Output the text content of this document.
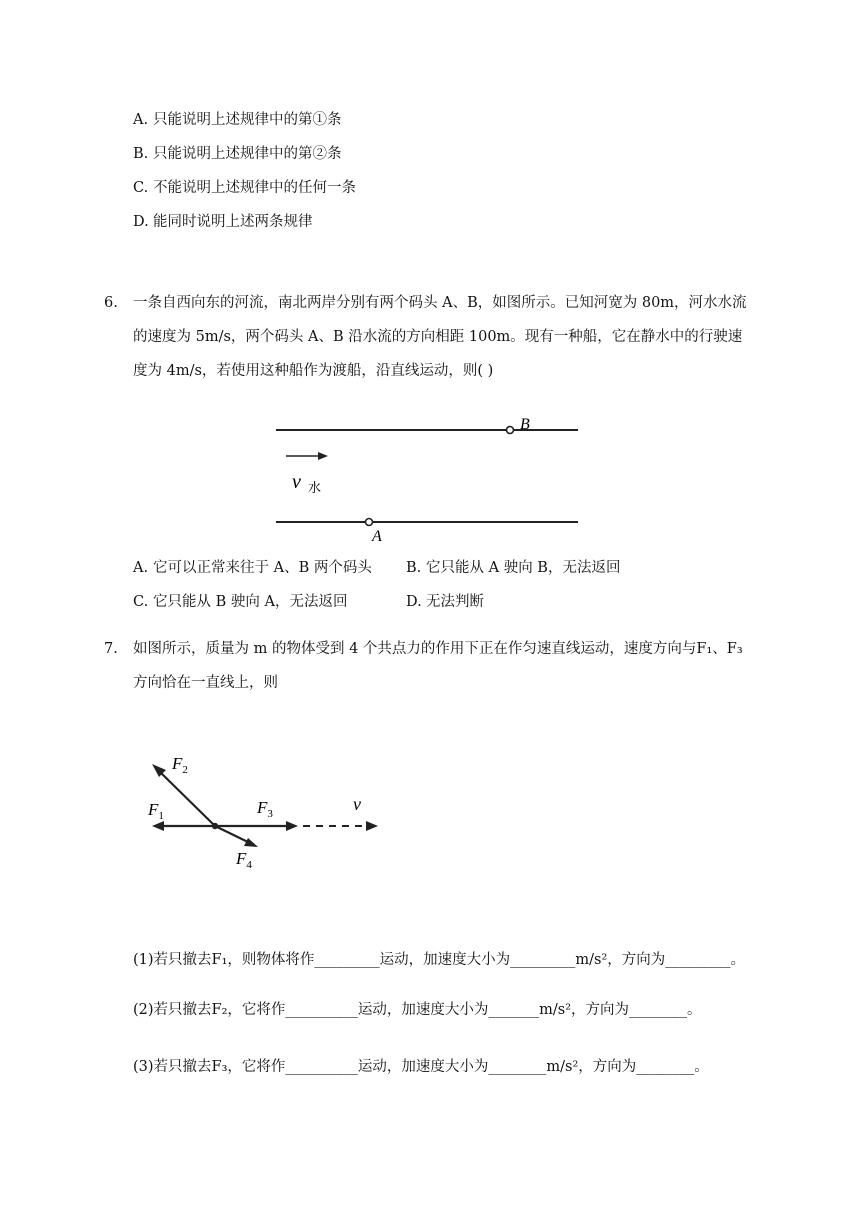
A. 只能说明上述规律中的第①条
B. 只能说明上述规律中的第②条
C. 不能说明上述规律中的任何一条
D. 能同时说明上述两条规律
6. 一条自西向东的河流，南北两岸分别有两个码头 A、B，如图所示。已知河宽为 80m，河水水流
的速度为 5m/s，两个码头 A、B 沿水流的方向相距 100m。现有一种船，它在静水中的行驶速
度为 4m/s，若使用这种船作为渡船，沿直线运动，则( )
B
v 水
A
A. 它可以正常来往于 A、B 两个码头 B. 它只能从 A 驶向 B，无法返回
C. 它只能从 B 驶向 A，无法返回	D. 无法判断
7. 如图所示，质量为 m 的物体受到 4 个共点力的作用下正在作匀速直线运动，速度方向与F₁、F₃
方向恰在一直线上，则
$F_2$
$F_1$	$F_3$
$F_4$
v
(1)若只撤去F₁，则物体将作_________运动，加速度大小为_________m/s²，方向为_________。
(2)若只撤去F₂，它将作__________运动，加速度大小为_______m/s²，方向为________。
(3)若只撤去F₃，它将作__________运动，加速度大小为________m/s²，方向为________。
